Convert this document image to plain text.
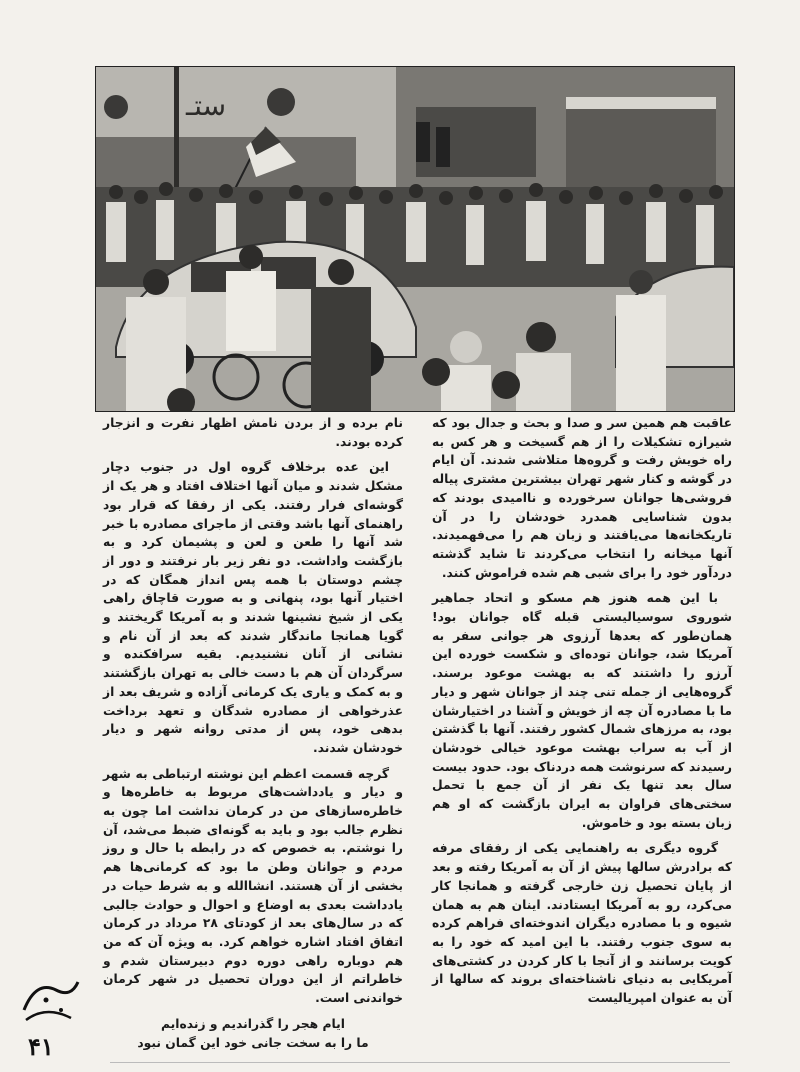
ستـ

عاقبت هم همین سر و صدا و بحث و جدال بود که شیرازه تشکیلات را از هم گسیخت و هر کس به راه خویش رفت و گروه‌ها متلاشی شدند. آن ایام در گوشه و کنار شهر تهران بیشترین مشتری پیاله فروشی‌ها جوانان سرخورده و ناامیدی بودند که بدون شناسایی همدرد خودشان را در آن تاریکخانه‌ها می‌یافتند و زبان هم را می‌فهمیدند. آنها میخانه را انتخاب می‌کردند تا شاید گذشته دردآور خود را برای شبی هم شده فراموش کنند.

با این همه هنوز هم مسکو و اتحاد جماهیر شوروی سوسیالیستی قبله گاه جوانان بود! همان‌طور که بعدها آرزوی هر جوانی سفر به آمریکا شد، جوانان توده‌ای و شکست خورده این آرزو را داشتند که به بهشت موعود برسند. گروه‌هایی از جمله تنی چند از جوانان شهر و دیار ما با مصادره آن چه از خویش و آشنا در اختیارشان بود، به مرزهای شمال کشور رفتند. آنها با گذشتن از آب به سراب بهشت موعود خیالی خودشان رسیدند که سرنوشت همه دردناک بود. حدود بیست سال بعد تنها یک نفر از آن جمع با تحمل سختی‌های فراوان به ایران بازگشت که او هم زبان بسته بود و خاموش.

گروه دیگری به راهنمایی یکی از رفقای مرفه که برادرش سالها پیش از آن به آمریکا رفته و بعد از پایان تحصیل زن خارجی گرفته و همانجا کار می‌کرد، رو به آمریکا ایستادند. اینان هم به همان شیوه و با مصادره دیگران اندوخته‌ای فراهم کرده به سوی جنوب رفتند. با این امید که خود را به کویت برسانند و از آنجا با کار کردن در کشتی‌های آمریکایی به دنیای ناشناخته‌ای بروند که سالها از آن به عنوان امپریالیست

نام برده و از بردن نامش اظهار نفرت و انزجار کرده بودند.

این عده برخلاف گروه اول در جنوب دچار مشکل شدند و میان آنها اختلاف افتاد و هر یک از گوشه‌ای فرار رفتند. یکی از رفقا که قرار بود راهنمای آنها باشد وقتی از ماجرای مصادره با خبر شد آنها را طعن و لعن و پشیمان کرد و به بازگشت واداشت. دو نفر زیر بار نرفتند و دور از چشم دوستان با همه پس انداز همگان که در اختیار آنها بود، پنهانی و به صورت قاچاق راهی یکی از شیخ نشینها شدند و به آمریکا گریختند و گویا همانجا ماندگار شدند که بعد از آن نام و نشانی از آنان نشنیدیم. بقیه سرافکنده و سرگردان آن هم با دست خالی به تهران بازگشتند و به کمک و یاری یک کرمانی آزاده و شریف بعد از عذرخواهی از مصادره شدگان و تعهد برداخت بدهی خود، پس از مدتی روانه شهر و دیار خودشان شدند.

گرچه قسمت اعظم این نوشته ارتباطی به شهر و دیار و یادداشت‌های مربوط به خاطره‌ها و خاطره‌سازهای من در کرمان نداشت اما چون به نظرم جالب بود و باید به گونه‌ای ضبط می‌شد، آن را نوشتم. به خصوص که در رابطه با حال و روز مردم و جوانان وطن ما بود که کرمانی‌ها هم بخشی از آن هستند. انشاالله و به شرط حیات در یادداشت بعدی به اوضاع و احوال و حوادث جالبی که در سال‌های بعد از کودتای ۲۸ مرداد در کرمان اتفاق افتاد اشاره خواهم کرد. به ویژه آن که من هم دوباره راهی دوره دوم دبیرستان شدم و خاطراتم از این دوران تحصیل در شهر کرمان خواندنی است.

ایام هجر را گذراندیم و زنده‌ایم
ما را به سخت جانی خود این گمان نبود
۴۱
